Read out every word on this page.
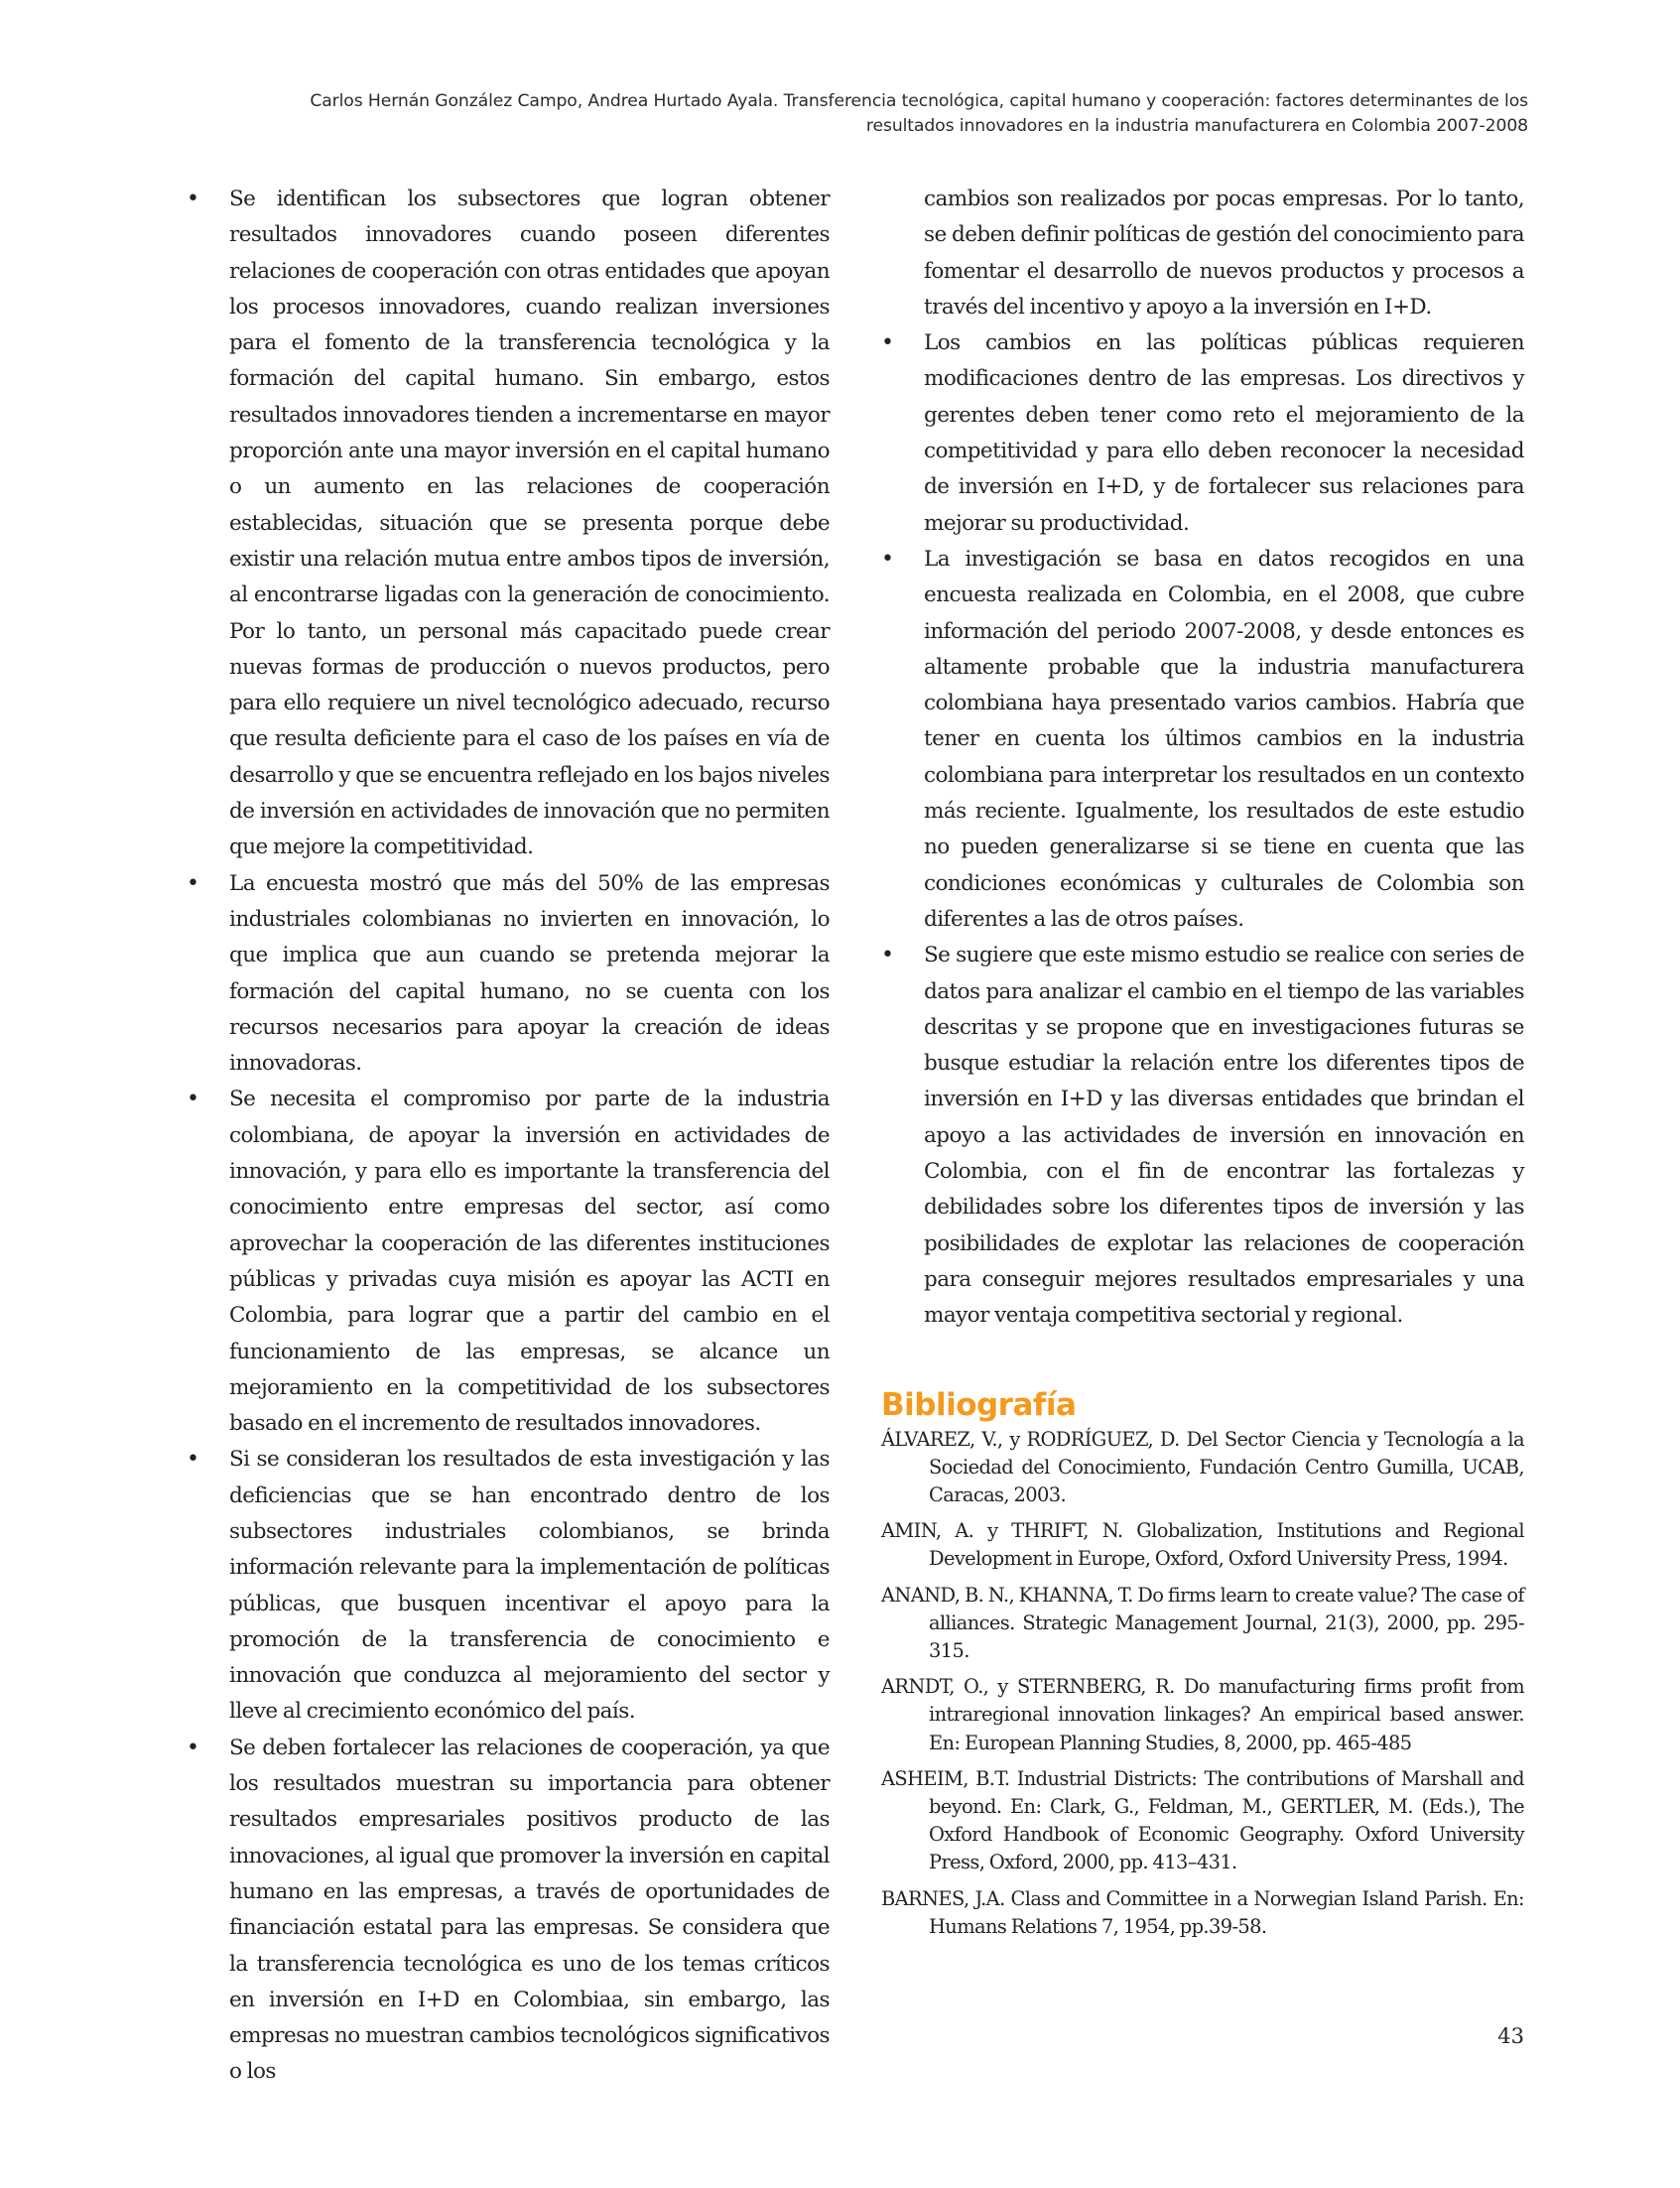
Carlos Hernán González Campo, Andrea Hurtado Ayala. Transferencia tecnológica, capital humano y cooperación: factores determinantes de los
resultados innovadores en la industria manufacturera en Colombia 2007-2008
• Se identifican los subsectores que logran obtener resultados innovadores cuando poseen diferentes relaciones de cooperación con otras entidades que apoyan los procesos innovadores, cuando realizan inversiones para el fomento de la transferencia tecnológica y la formación del capital humano. Sin embargo, estos resultados innovadores tienden a incrementarse en mayor proporción ante una mayor inversión en el capital humano o un aumento en las relaciones de cooperación establecidas, situación que se presenta porque debe existir una relación mutua entre ambos tipos de inversión, al encontrarse ligadas con la generación de conocimiento. Por lo tanto, un personal más capacitado puede crear nuevas formas de producción o nuevos productos, pero para ello requiere un nivel tecnológico adecuado, recurso que resulta deficiente para el caso de los países en vía de desarrollo y que se encuentra reflejado en los bajos niveles de inversión en actividades de innovación que no permiten que mejore la competitividad.
• La encuesta mostró que más del 50% de las empresas industriales colombianas no invierten en innovación, lo que implica que aun cuando se pretenda mejorar la formación del capital humano, no se cuenta con los recursos necesarios para apoyar la creación de ideas innovadoras.
• Se necesita el compromiso por parte de la industria colombiana, de apoyar la inversión en actividades de innovación, y para ello es importante la transferencia del conocimiento entre empresas del sector, así como aprovechar la cooperación de las diferentes instituciones públicas y privadas cuya misión es apoyar las ACTI en Colombia, para lograr que a partir del cambio en el funcionamiento de las empresas, se alcance un mejoramiento en la competitividad de los subsectores basado en el incremento de resultados innovadores.
• Si se consideran los resultados de esta investigación y las deficiencias que se han encontrado dentro de los subsectores industriales colombianos, se brinda información relevante para la implementación de políticas públicas, que busquen incentivar el apoyo para la promoción de la transferencia de conocimiento e innovación que conduzca al mejoramiento del sector y lleve al crecimiento económico del país.
• Se deben fortalecer las relaciones de cooperación, ya que los resultados muestran su importancia para obtener resultados empresariales positivos producto de las innovaciones, al igual que promover la inversión en capital humano en las empresas, a través de oportunidades de financiación estatal para las empresas. Se considera que la transferencia tecnológica es uno de los temas críticos en inversión en I+D en Colombiaa, sin embargo, las empresas no muestran cambios tecnológicos significativos o los
cambios son realizados por pocas empresas. Por lo tanto, se deben definir políticas de gestión del conocimiento para fomentar el desarrollo de nuevos productos y procesos a través del incentivo y apoyo a la inversión en I+D.
• Los cambios en las políticas públicas requieren modificaciones dentro de las empresas. Los directivos y gerentes deben tener como reto el mejoramiento de la competitividad y para ello deben reconocer la necesidad de inversión en I+D, y de fortalecer sus relaciones para mejorar su productividad.
• La investigación se basa en datos recogidos en una encuesta realizada en Colombia, en el 2008, que cubre información del periodo 2007-2008, y desde entonces es altamente probable que la industria manufacturera colombiana haya presentado varios cambios. Habría que tener en cuenta los últimos cambios en la industria colombiana para interpretar los resultados en un contexto más reciente. Igualmente, los resultados de este estudio no pueden generalizarse si se tiene en cuenta que las condiciones económicas y culturales de Colombia son diferentes a las de otros países.
• Se sugiere que este mismo estudio se realice con series de datos para analizar el cambio en el tiempo de las variables descritas y se propone que en investigaciones futuras se busque estudiar la relación entre los diferentes tipos de inversión en I+D y las diversas entidades que brindan el apoyo a las actividades de inversión en innovación en Colombia, con el fin de encontrar las fortalezas y debilidades sobre los diferentes tipos de inversión y las posibilidades de explotar las relaciones de cooperación para conseguir mejores resultados empresariales y una mayor ventaja competitiva sectorial y regional.
Bibliografía
ÁLVAREZ, V., y RODRÍGUEZ, D. Del Sector Ciencia y Tecnología a la Sociedad del Conocimiento, Fundación Centro Gumilla, UCAB, Caracas, 2003.
AMIN, A. y THRIFT, N. Globalization, Institutions and Regional Development in Europe, Oxford, Oxford University Press, 1994.
ANAND, B. N., KHANNA, T. Do firms learn to create value? The case of alliances. Strategic Management Journal, 21(3), 2000, pp. 295-315.
ARNDT, O., y STERNBERG, R. Do manufacturing firms profit from intraregional innovation linkages? An empirical based answer. En: European Planning Studies, 8, 2000, pp. 465-485
ASHEIM, B.T. Industrial Districts: The contributions of Marshall and beyond. En: Clark, G., Feldman, M., GERTLER, M. (Eds.), The Oxford Handbook of Economic Geography. Oxford University Press, Oxford, 2000, pp. 413–431.
BARNES, J.A. Class and Committee in a Norwegian Island Parish. En: Humans Relations 7, 1954, pp.39-58.
43
